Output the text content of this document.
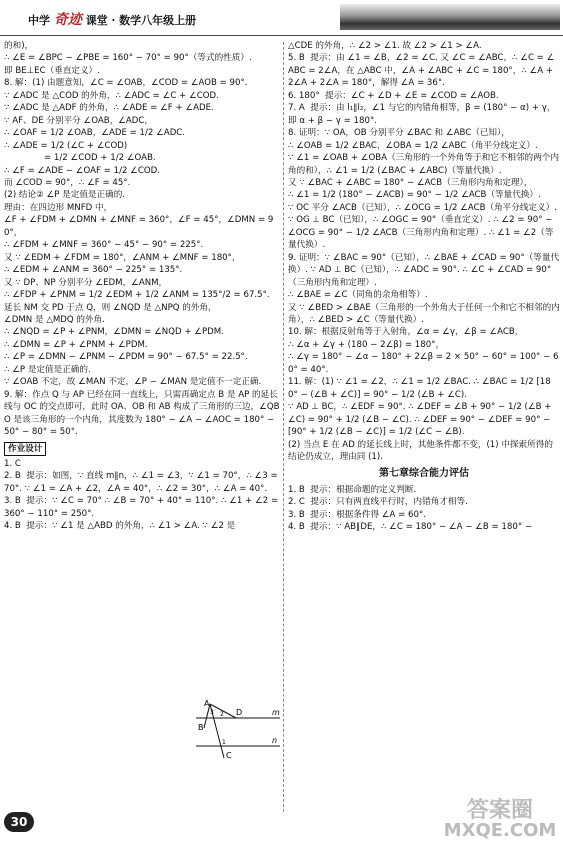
中学 奇迹 课堂 · 数学八年级上册

的和)，

∴ ∠E = ∠BPC − ∠PBE = 160° − 70° = 90°（等式的性质）.

即 BE⊥EC（垂直定义）.

8. 解：(1) 由题意知，∠C = ∠OAB，∠COD = ∠AOB = 90°.

∵ ∠ADC 是 △COD 的外角，∴ ∠ADC = ∠C + ∠COD.

∵ ∠ADC 是 △ADF 的外角，∴ ∠ADE = ∠F + ∠ADE.

∵ AF、DE 分别平分 ∠OAB，∠ADC，

∴ ∠OAF = 1/2 ∠OAB，∠ADE = 1/2 ∠ADC.

∴ ∠ADE = 1/2 (∠C + ∠COD)

= 1/2 ∠COD + 1/2 ∠OAB.

∴ ∠F = ∠ADE − ∠OAF = 1/2 ∠COD.

而 ∠COD = 90°，∴ ∠F = 45°.

(2) 结论② ∠P 是定值是正确的.

理由：在四边形 MNFD 中，

∠F + ∠FDM + ∠DMN + ∠MNF = 360°，∠F = 45°，∠DMN = 90°，

∴ ∠FDM + ∠MNF = 360° − 45° − 90° = 225°.

又 ∵ ∠EDM + ∠FDM = 180°，∠ANM + ∠MNF = 180°，

∴ ∠EDM + ∠ANM = 360° − 225° = 135°.

又 ∵ DP、NP 分别平分 ∠EDM，∠ANM，

∴ ∠FDP + ∠PNM = 1/2 ∠EDM + 1/2 ∠ANM = 135°/2 = 67.5°.

延长 NM 交 PD 于点 Q，则 ∠NQD 是 △NPQ 的外角，

∠DMN 是 △MDQ 的外角.

∴ ∠NQD = ∠P + ∠PNM，∠DMN = ∠NQD + ∠PDM.

∴ ∠DMN = ∠P + ∠PNM + ∠PDM.

∴ ∠P = ∠DMN − ∠PNM − ∠PDM = 90° − 67.5° = 22.5°.

∴ ∠P 是定值是正确的.

∵ ∠OAB 不定，故 ∠MAN 不定，∠P − ∠MAN 是定值不一定正确.

9. 解：作点 Q 与 AP 已经在同一直线上，只需再确定点 B 是 AP 的延长线与 OC 的交点即可，此时 OA、OB 和 AB 构成了三角形的三边，∠QBO 是该三角形的一个内角，其度数为 180° − ∠A − ∠AOC = 180° − 50° − 80° = 50°.

作业设计

1. C

2. B  提示：如图，∵ 直线 m∥n，∴ ∠1 = ∠3，∵ ∠1 = 70°，∴ ∠3 = 70°. ∵ ∠1 = ∠A + ∠2，∠A = 40°，∴ ∠2 = 30°，∴ ∠A = 40°.

3. B  提示：∵ ∠C = 70° ∴ ∠B = 70° + 40° = 110°. ∴ ∠1 + ∠2 = 360° − 110° = 250°.

4. B  提示：∵ ∠1 是 △ABD 的外角，∴ ∠1 > ∠A. ∵ ∠2 是

△CDE 的外角，∴ ∠2 > ∠1. 故 ∠2 > ∠1 > ∠A.

5. B  提示：由 ∠1 = ∠B，∠2 = ∠C. 又 ∠C = ∠ABC，∴ ∠C = ∠ABC = 2∠A，在 △ABC 中，∠A + ∠ABC + ∠C = 180°，∴ ∠A + 2∠A + 2∠A = 180°，解得 ∠A = 36°.

6. 180°  提示：∠C + ∠D + ∠E = ∠COD = ∠AOB.

7. A  提示：由 l₁∥l₂，∠1 与它的内错角相等，β = (180° − α) + γ，即 α + β − γ = 180°.

8. 证明：∵ OA，OB 分别平分 ∠BAC 和 ∠ABC（已知），

∴ ∠OAB = 1/2 ∠BAC，∠OBA = 1/2 ∠ABC（角平分线定义）.

∵ ∠1 = ∠OAB + ∠OBA（三角形的一个外角等于和它不相邻的两个内角的和），∴ ∠1 = 1/2 (∠BAC + ∠ABC)（等量代换）.

又 ∵ ∠BAC + ∠ABC = 180° − ∠ACB（三角形内角和定理），

∴ ∠1 = 1/2 (180° − ∠ACB) = 90° − 1/2 ∠ACB（等量代换）.

∵ OC 平分 ∠ACB（已知），∴ ∠OCG = 1/2 ∠ACB（角平分线定义）.

∵ OG ⊥ BC（已知），∴ ∠OGC = 90°（垂直定义）. ∴ ∠2 = 90° − ∠OCG = 90° − 1/2 ∠ACB（三角形内角和定理）. ∴ ∠1 = ∠2（等量代换）.

9. 证明：∵ ∠BAC = 90°（已知），∴ ∠BAE + ∠CAD = 90°（等量代换）. ∵ AD ⊥ BC（已知），∴ ∠ADC = 90°. ∴ ∠C + ∠CAD = 90°（三角形内角和定理）.

∴ ∠BAE = ∠C（同角的余角相等）.

又 ∵ ∠BED > ∠BAE（三角形的一个外角大于任何一个和它不相邻的内角），∴ ∠BED > ∠C（等量代换）.

10. 解：根据反射角等于入射角，∠α = ∠γ，∠β = ∠ACB，

∴ ∠α + ∠γ + (180 − 2∠β) = 180°，

∴ ∠γ = 180° − ∠α − 180° + 2∠β = 2 × 50° − 60° = 100° − 60° = 40°.

11. 解：(1) ∵ ∠1 = ∠2，∴ ∠1 = 1/2 ∠BAC. ∴ ∠BAC = 1/2 [180° − (∠B + ∠C)] = 90° − 1/2 (∠B + ∠C).

∵ AD ⊥ BC，∴ ∠EDF = 90°. ∴ ∠DEF = ∠B + 90° − 1/2 (∠B + ∠C) = 90° + 1/2 (∠B − ∠C). ∴ ∠DEF = 90° − ∠DEF = 90° − [90° + 1/2 (∠B − ∠C)] = 1/2 (∠C − ∠B).

(2) 当点 E 在 AD 的延长线上时，其他条件都不变，(1) 中探索所得的结论仍成立，理由同 (1).

第七章综合能力评估

1. B  提示：根据命题的定义判断.

2. C  提示：只有两直线平行时，内错角才相等.

3. B  提示：根据条件得 ∠A = 60°.

4. B  提示：∵ AB∥DE，∴ ∠C = 180° − ∠A − ∠B = 180° −

A
B
C
D	m
n
3 2
1
30	答案圈
MXQE.COM
